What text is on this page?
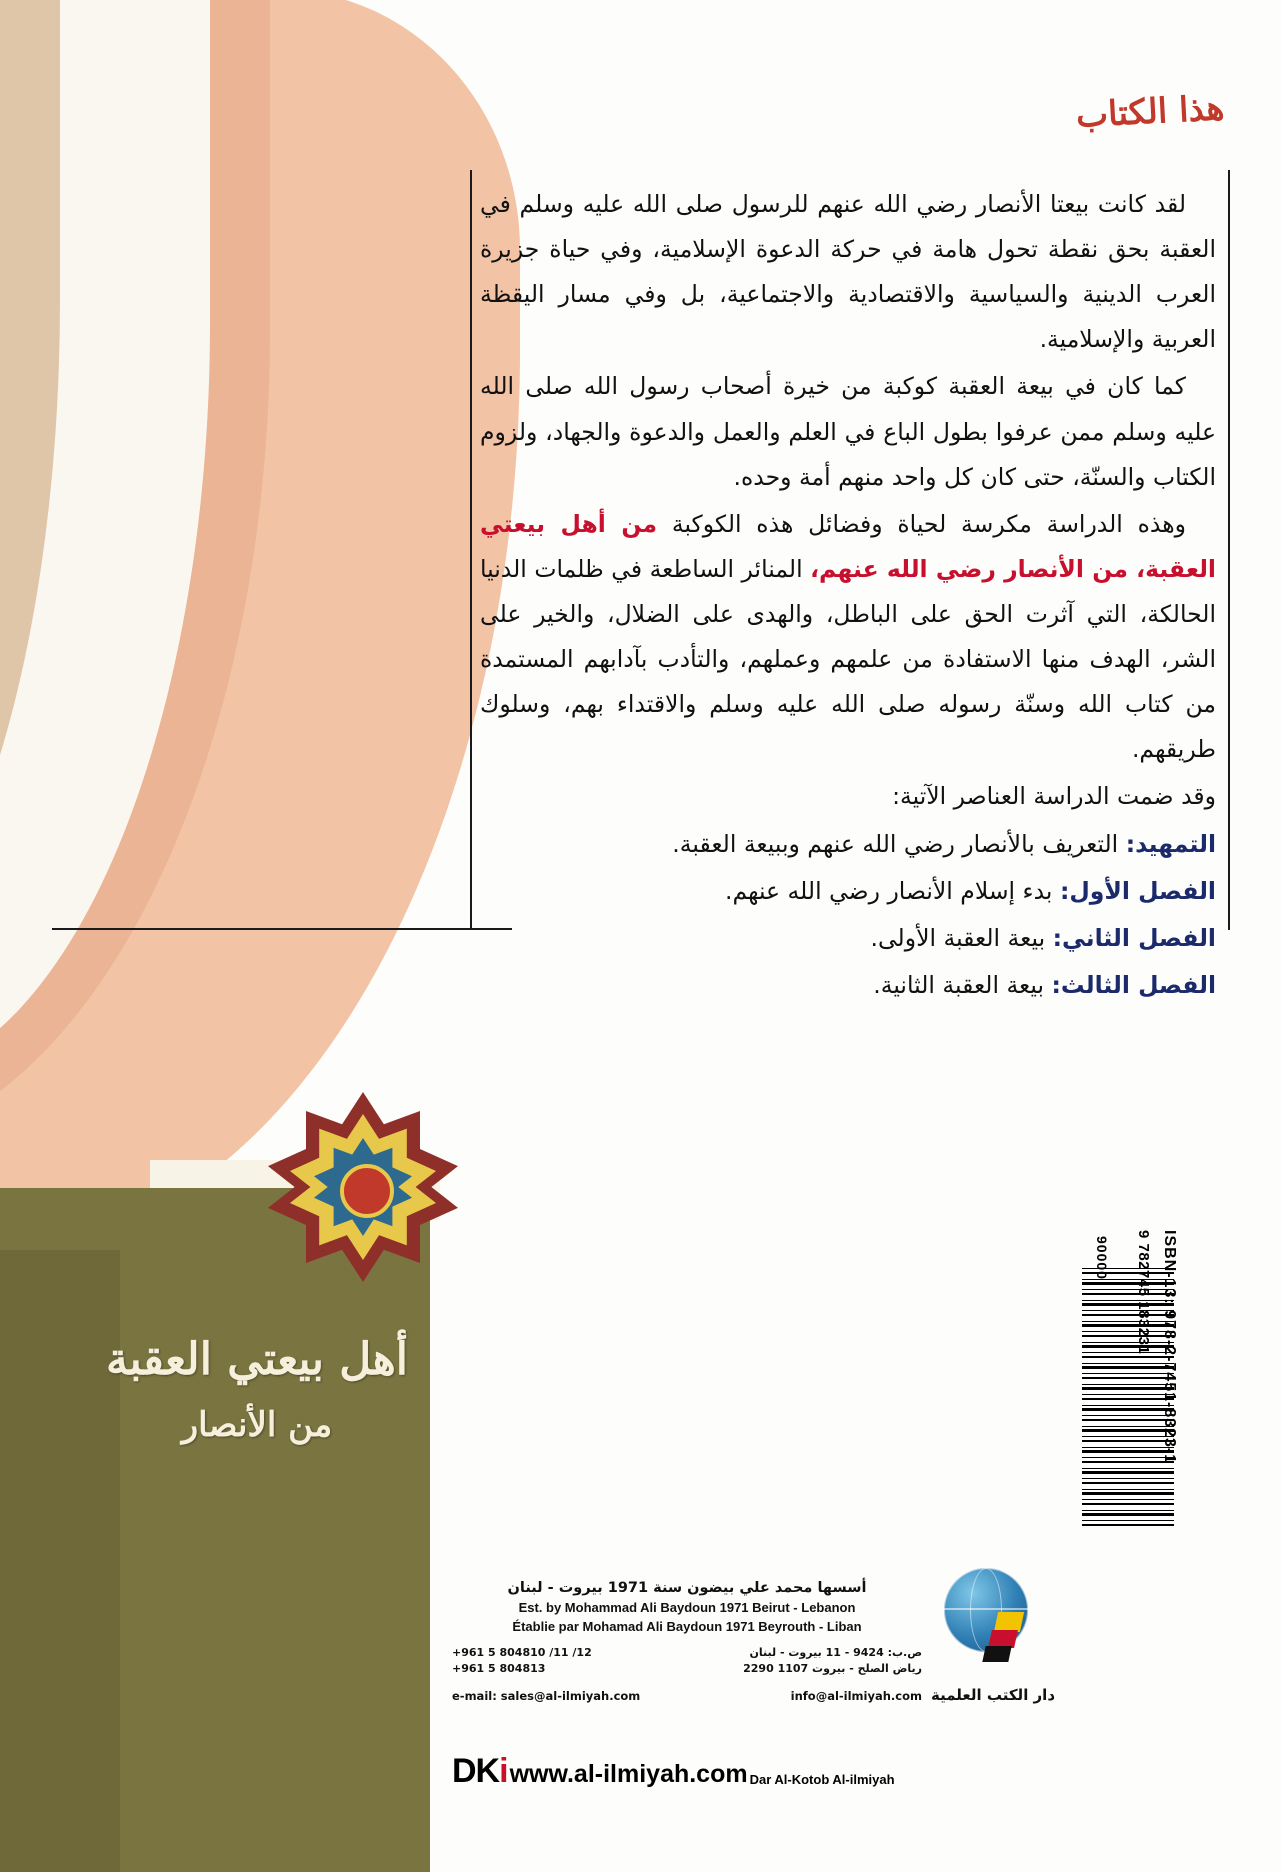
هذا الكتاب

لقد كانت بيعتا الأنصار رضي الله عنهم للرسول صلى الله عليه وسلم في العقبة بحق نقطة تحول هامة في حركة الدعوة الإسلامية، وفي حياة جزيرة العرب الدينية والسياسية والاقتصادية والاجتماعية، بل وفي مسار اليقظة العربية والإسلامية.

كما كان في بيعة العقبة كوكبة من خيرة أصحاب رسول الله صلى الله عليه وسلم ممن عرفوا بطول الباع في العلم والعمل والدعوة والجهاد، ولزوم الكتاب والسنّة، حتى كان كل واحد منهم أمة وحده.

وهذه الدراسة مكرسة لحياة وفضائل هذه الكوكبة من أهل بيعتي العقبة، من الأنصار رضي الله عنهم، المنائر الساطعة في ظلمات الدنيا الحالكة، التي آثرت الحق على الباطل، والهدى على الضلال، والخير على الشر، الهدف منها الاستفادة من علمهم وعملهم، والتأدب بآدابهم المستمدة من كتاب الله وسنّة رسوله صلى الله عليه وسلم والاقتداء بهم، وسلوك طريقهم.

وقد ضمت الدراسة العناصر الآتية:

التمهيد: التعريف بالأنصار رضي الله عنهم وببيعة العقبة.

الفصل الأول: بدء إسلام الأنصار رضي الله عنهم.

الفصل الثاني: بيعة العقبة الأولى.

الفصل الثالث: بيعة العقبة الثانية.

أهل بيعتي العقبة
من الأنصار
أسسها محمد علي بيضون سنة 1971 بيروت - لبنان
Est. by Mohammad Ali Baydoun 1971 Beirut - Lebanon
Établie par Mohamad Ali Baydoun 1971 Beyrouth - Liban
+961 5 804810 /11 /12
+961 5 804813
ص.ب: 9424 - 11 بيروت - لبنان
رياض الصلح - بيروت 1107 2290
e-mail: sales@al-ilmiyah.com	info@al-ilmiyah.com
DKi www.al-ilmiyah.com Dar Al-Kotob Al-ilmiyah
دار الكتب العلمية
90000 9 782745 183231 ISBN-13: 978-2-7451-8323-1
